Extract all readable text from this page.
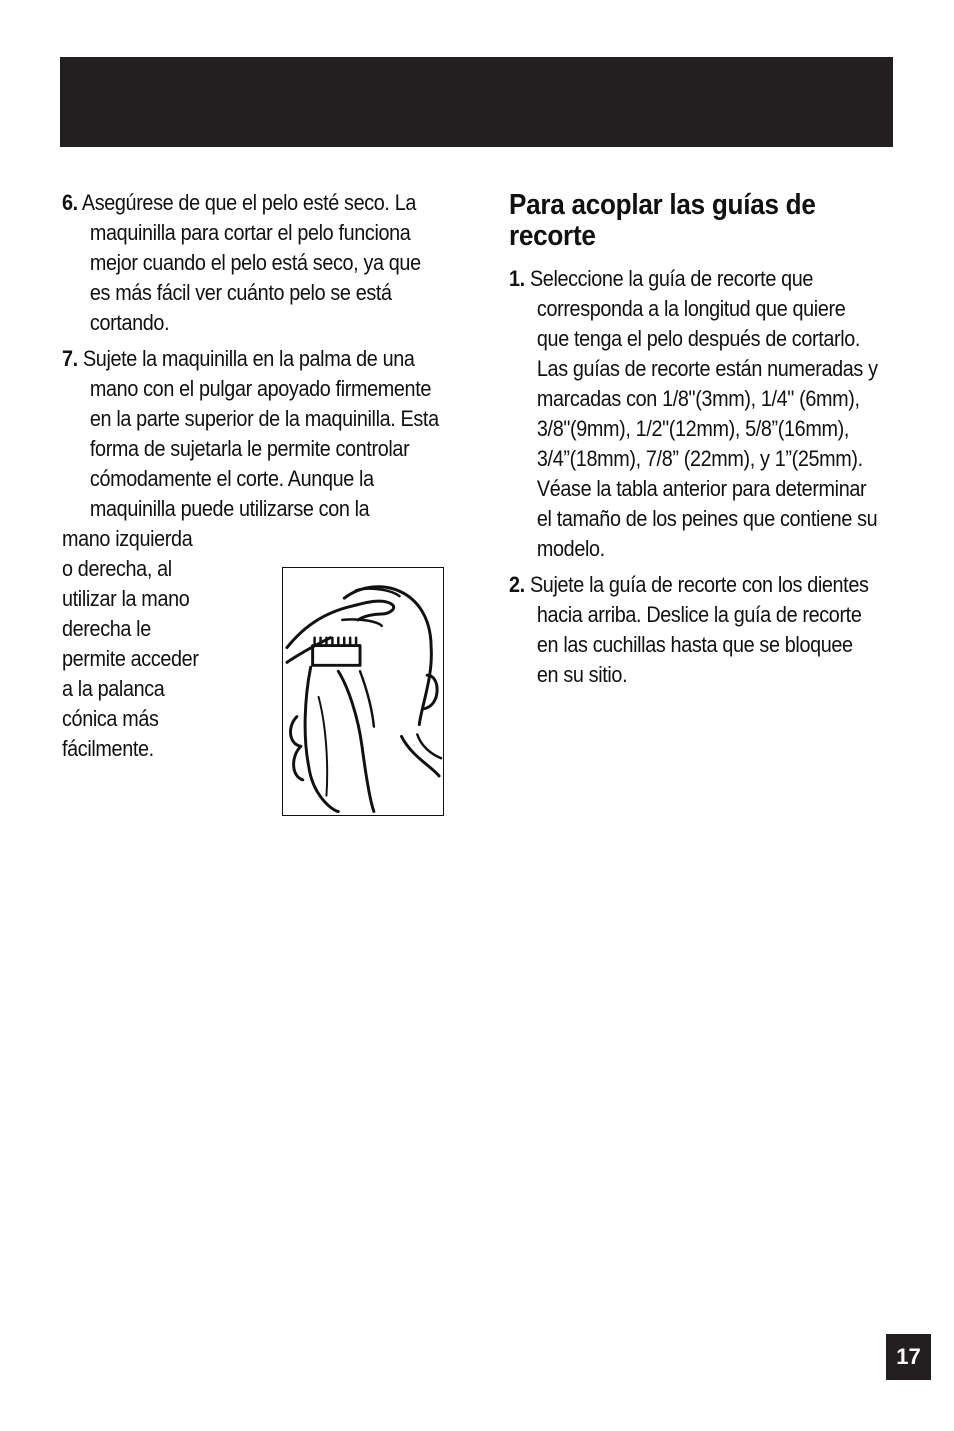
6. Asegúrese de que el pelo esté seco. La maquinilla para cortar el pelo funciona mejor cuando el pelo está seco, ya que es más fácil ver cuánto pelo se está cortando.

7. Sujete la maquinilla en la palma de una mano con el pulgar apoyado firmemente en la parte superior de la maquinilla. Esta forma de sujetarla le permite controlar cómodamente el corte. Aunque la maquinilla puede utilizarse con la
mano izquierda
o derecha, al
utilizar la mano
derecha le
permite acceder
a la palanca
cónica más
fácilmente.
Para acoplar las guías de recorte

1. Seleccione la guía de recorte que corresponda a la longitud que quiere que tenga el pelo después de cortarlo. Las guías de recorte están numeradas y marcadas con 1/8"(3mm), 1/4" (6mm), 3/8"(9mm), 1/2"(12mm), 5/8”(16mm), 3/4”(18mm), 7/8” (22mm), y 1”(25mm). Véase la tabla anterior para determinar el tamaño de los peines que contiene su modelo.

2. Sujete la guía de recorte con los dientes hacia arriba. Deslice la guía de recorte en las cuchillas hasta que se bloquee en su sitio.

17
